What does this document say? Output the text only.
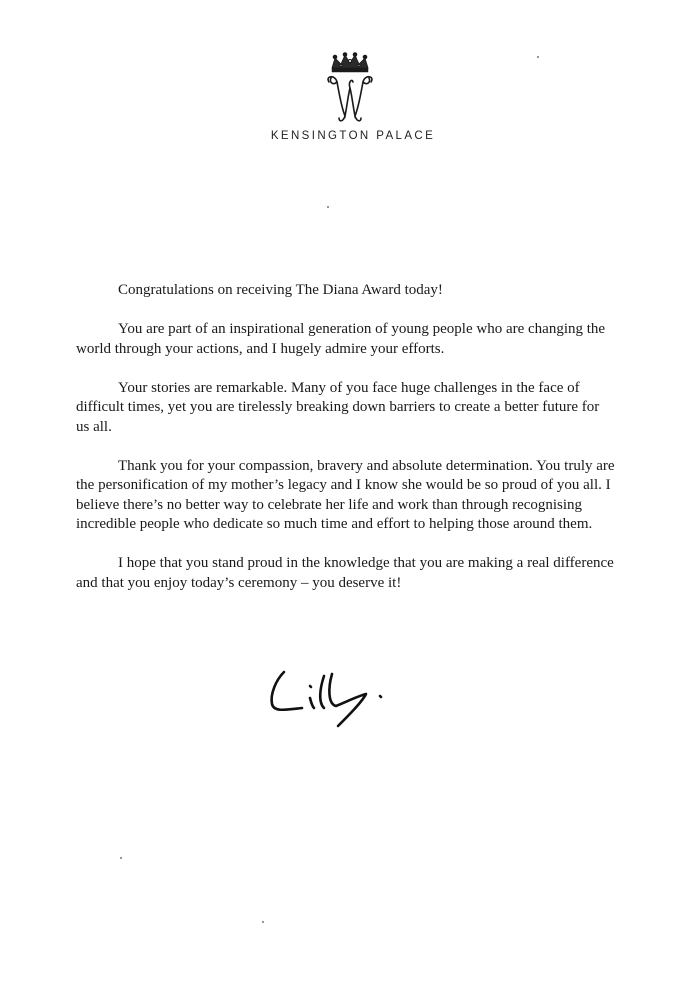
KENSINGTON PALACE

Congratulations on receiving The Diana Award today!

You are part of an inspirational generation of young people who are changing the world through your actions, and I hugely admire your efforts.

Your stories are remarkable. Many of you face huge challenges in the face of difficult times, yet you are tirelessly breaking down barriers to create a better future for us all.

Thank you for your compassion, bravery and absolute determination. You truly are the personification of my mother’s legacy and I know she would be so proud of you all. I believe there’s no better way to celebrate her life and work than through recognising incredible people who dedicate so much time and effort to helping those around them.

I hope that you stand proud in the knowledge that you are making a real difference and that you enjoy today’s ceremony – you deserve it!
